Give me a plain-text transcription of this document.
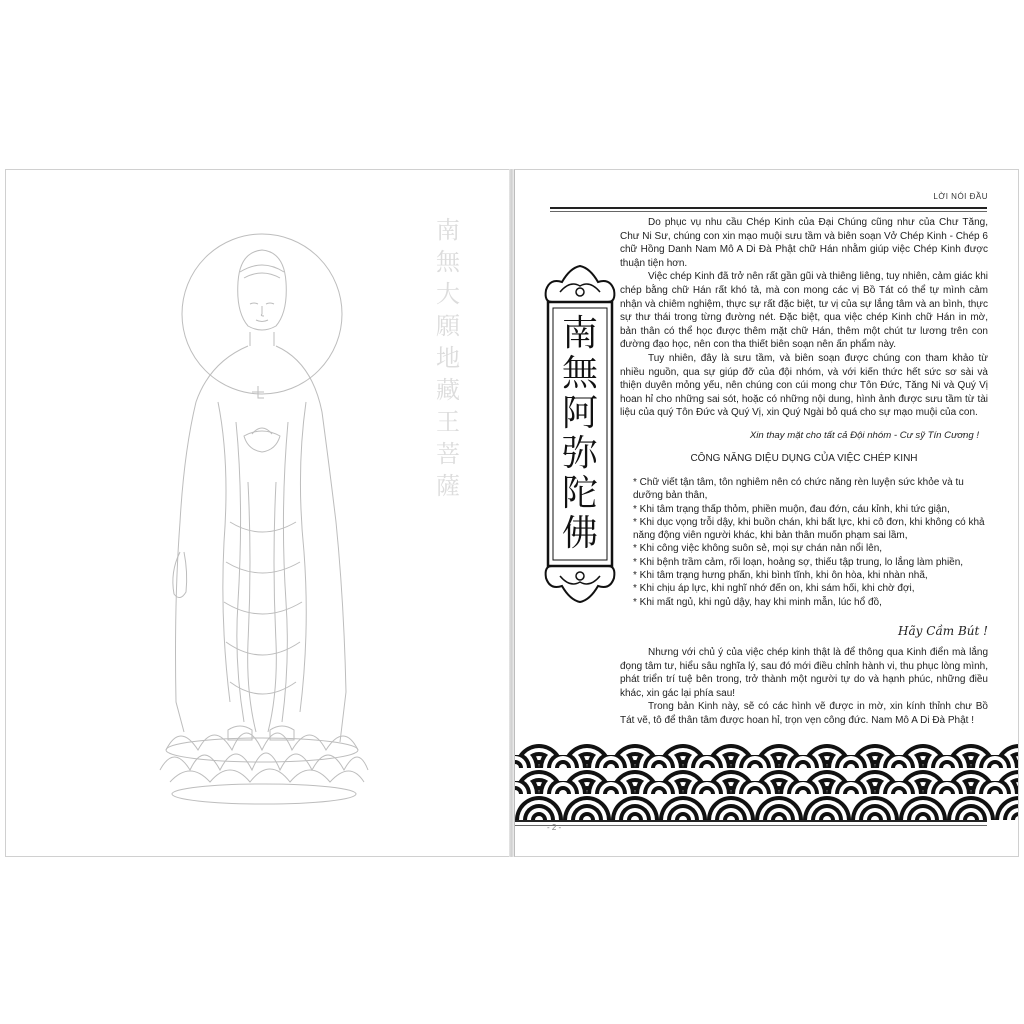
南
無
大
願
地
藏
王
菩
薩
LỜI NÓI ĐẦU
南
無
阿
弥
陀
佛

Do phục vụ nhu cầu Chép Kinh của Đại Chúng cũng như của Chư Tăng, Chư Ni Sư, chúng con xin mạo muội sưu tầm và biên soạn Vở Chép Kinh - Chép 6 chữ Hồng Danh Nam Mô A Di Đà Phật chữ Hán nhằm giúp việc Chép Kinh được thuận tiện hơn.

Việc chép Kinh đã trở nên rất gần gũi và thiêng liêng, tuy nhiên, cảm giác khi chép bằng chữ Hán rất khó tả, mà con mong các vị Bồ Tát có thể tự mình cảm nhận và chiêm nghiệm, thực sự rất đặc biệt, tư vị của sự lắng tâm và an bình, thực sự thư thái trong từng đường nét. Đặc biệt, qua việc chép Kinh chữ Hán in mờ, bản thân có thể học được thêm mặt chữ Hán, thêm một chút tư lương trên con đường đạo học, nên con tha thiết biên soạn nên ấn phẩm này.

Tuy nhiên, đây là sưu tầm, và biên soạn được chúng con tham khảo từ nhiều nguồn, qua sự giúp đỡ của đội nhóm, và với kiến thức hết sức sơ sài và thiện duyên mỏng yếu, nên chúng con cúi mong chư Tôn Đức, Tăng Ni và Quý Vị hoan hỉ cho những sai sót, hoặc có những nội dung, hình ảnh được sưu tầm từ tài liệu của quý Tôn Đức và Quý Vị, xin Quý Ngài bỏ quá cho sự mạo muội của con.

Xin thay mặt cho tất cả Đội nhóm - Cư sỹ Tín Cương !
CÔNG NĂNG DIỆU DỤNG CỦA VIỆC CHÉP KINH
* Chữ viết tận tâm, tôn nghiêm nên có chức năng rèn luyện sức khỏe và tu dưỡng bản thân,
* Khi tâm trạng thấp thỏm, phiền muộn, đau đớn, cáu kỉnh, khi tức giận,
* Khi dục vọng trỗi dậy, khi buồn chán, khi bất lực, khi cô đơn, khi không có khả năng động viên người khác, khi bản thân muốn phạm sai lầm,
* Khi công việc không suôn sẻ, mọi sự chán nản nổi lên,
* Khi bệnh trầm cảm, rối loạn, hoảng sợ, thiếu tập trung, lo lắng làm phiền,
* Khi tâm trạng hưng phấn, khi bình tĩnh, khi ôn hòa, khi nhàn nhã,
* Khi chịu áp lực, khi nghĩ nhớ đến on, khi sám hối, khi chờ đợi,
* Khi mất ngủ, khi ngủ dậy, hay khi minh mẫn, lúc hổ đồ,
Hãy Cầm Bút !

Nhưng với chủ ý của việc chép kinh thật là để thông qua Kinh điển mà lắng đọng tâm tư, hiểu sâu nghĩa lý, sau đó mới điều chỉnh hành vi, thu phục lòng mình, phát triển trí tuệ bên trong, trở thành một người tự do và hạnh phúc, những điều khác, xin gác lại phía sau!

Trong bản Kinh này, sẽ có các hình vẽ được in mờ, xin kính thỉnh chư Bồ Tát vẽ, tô để thân tâm được hoan hỉ, trọn vẹn công đức. Nam Mô A Di Đà Phật !

- 2 -
